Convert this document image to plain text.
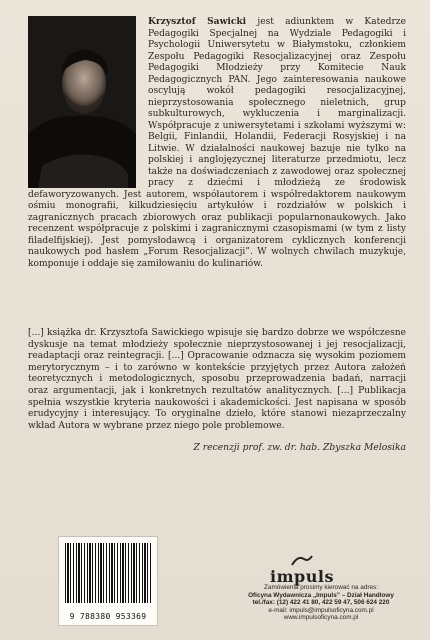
Krzysztof Sawicki jest adiunktem w Katedrze Pedagogiki Specjalnej na Wydziale Pedagogiki i Psychologii Uniwersytetu w Białymstoku, członkiem Zespołu Pedagogiki Resocjalizacyjnej oraz Zespołu Pedagogiki Młodzieży przy Komitecie Nauk Pedagogicznych PAN. Jego zainteresowania naukowe oscylują wokół pedagogiki resocjalizacyjnej, nieprzystosowania społecznego nieletnich, grup subkulturowych, wykluczenia i marginalizacji. Współpracuje z uniwersytetami i szkołami wyższymi w: Belgii, Finlandii, Holandii, Federacji Rosyjskiej i na Litwie. W działalności naukowej bazuje nie tylko na polskiej i anglojęzycznej literaturze przedmiotu, lecz także na doświadczeniach z zawodowej oraz społecznej pracy z dziećmi i młodzieżą ze środowisk defaworyzowanych. Jest autorem, współautorem i współredaktorem naukowym ośmiu monografii, kilkudziesięciu artykułów i rozdziałów w polskich i zagranicznych pracach zbiorowych oraz publikacji popularnonaukowych. Jako recenzent współpracuje z polskimi i zagranicznymi czasopismami (w tym z listy filadelfijskiej). Jest pomysłodawcą i organizatorem cyklicznych konferencji naukowych pod hasłem „Forum Resocjalizacji”. W wolnych chwilach muzykuje, komponuje i oddaje się zamiłowaniu do kulinariów.

[...] książka dr. Krzysztofa Sawickiego wpisuje się bardzo dobrze we współczesne dyskusje na temat młodzieży społecznie nieprzystosowanej i jej resocjalizacji, readaptacji oraz reintegracji. [...] Opracowanie odznacza się wysokim poziomem merytorycznym – i to zarówno w kontekście przyjętych przez Autora założeń teoretycznych i metodologicznych, sposobu przeprowadzenia badań, narracji oraz argumentacji, jak i konkretnych rezultatów analitycznych. [...] Publikacja spełnia wszystkie kryteria naukowości i akademickości. Jest napisana w sposób erudycyjny i interesujący. To oryginalne dzieło, które stanowi niezaprzeczalny wkład Autora w wybrane przez niego pole problemowe.

Z recenzji prof. zw. dr. hab. Zbyszka Melosika
9 788380 953369
impuls
Zamówienia prosimy kierować na adres:
Oficyna Wydawnicza „Impuls” – Dział Handlowy
tel./fax: (12) 422 41 80, 422 59 47, 506 624 220
e-mail: impuls@impulsoficyna.com.pl
www.impulsoficyna.com.pl
